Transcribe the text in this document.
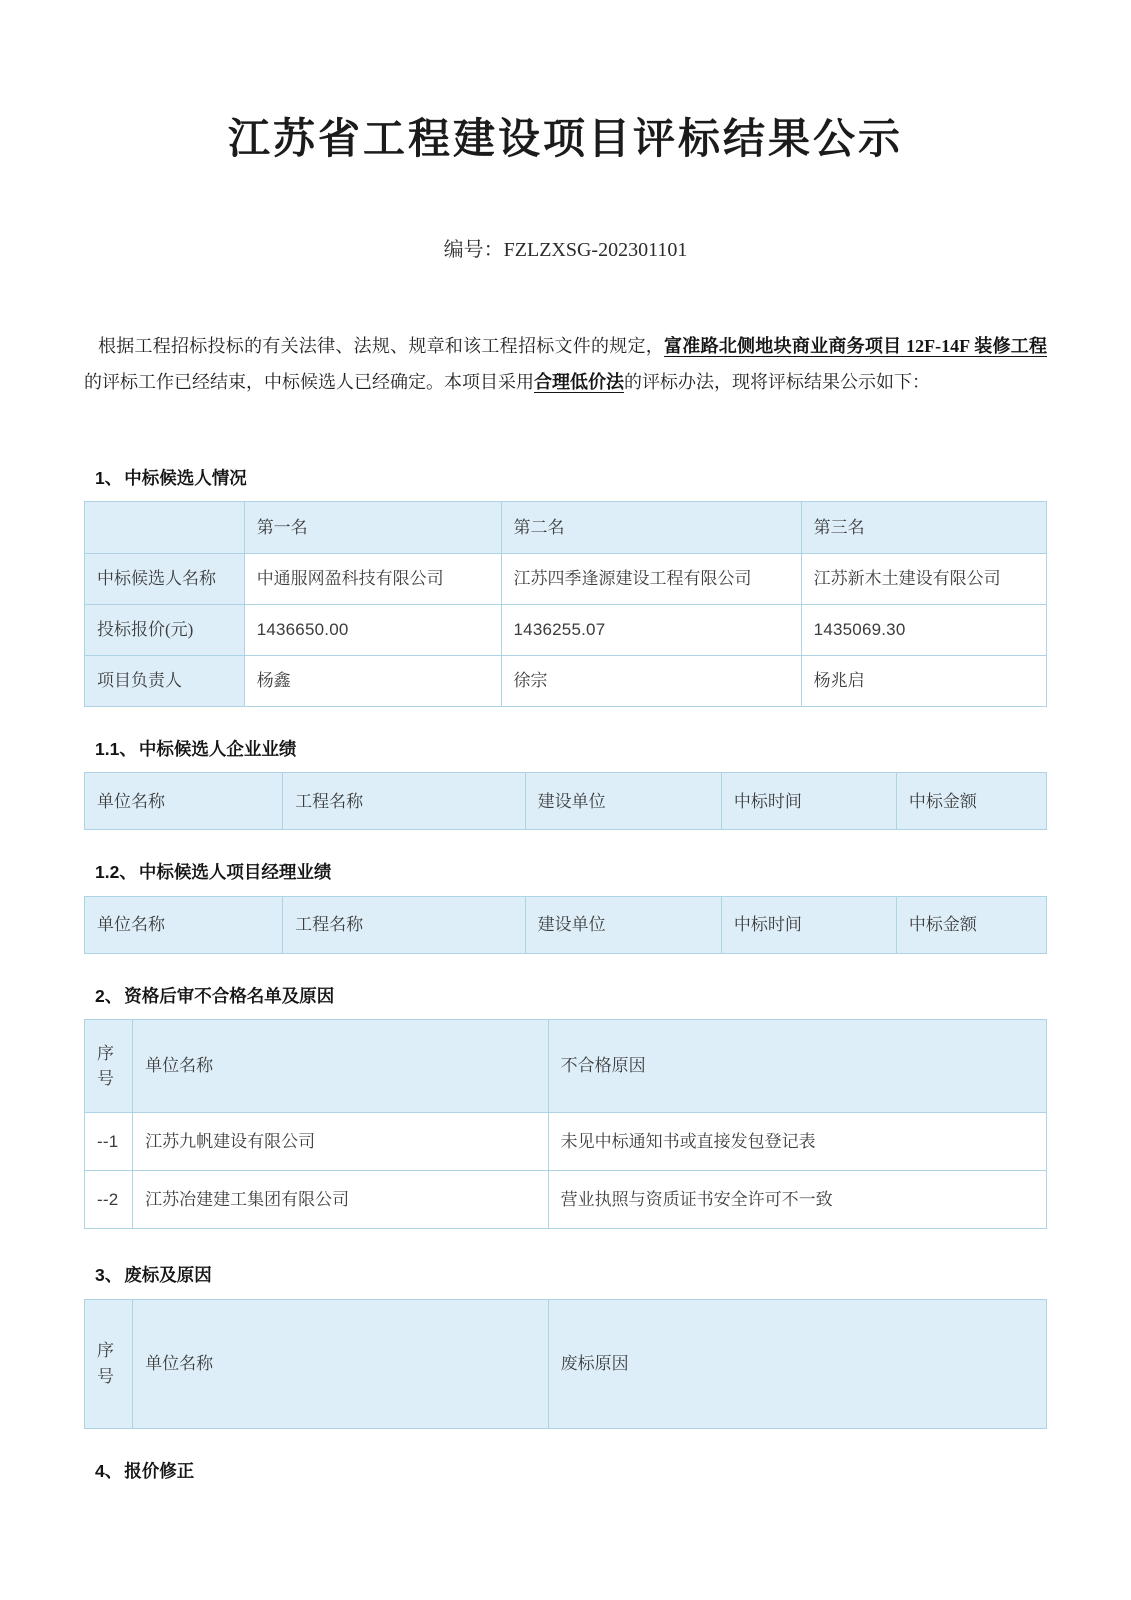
江苏省工程建设项目评标结果公示
编号：FZLZXSG-202301101

根据工程招标投标的有关法律、法规、规章和该工程招标文件的规定，富准路北侧地块商业商务项目 12F-14F 装修工程的评标工作已经结束，中标候选人已经确定。本项目采用合理低价法的评标办法，现将评标结果公示如下：

1、 中标候选人情况
	第一名	第二名	第三名
中标候选人名称	中通服网盈科技有限公司	江苏四季逢源建设工程有限公司	江苏新木土建设有限公司
投标报价(元)	1436650.00	1436255.07	1435069.30
项目负责人	杨鑫	徐宗	杨兆启
1.1、 中标候选人企业业绩
单位名称	工程名称	建设单位	中标时间	中标金额
1.2、 中标候选人项目经理业绩
单位名称	工程名称	建设单位	中标时间	中标金额
2、 资格后审不合格名单及原因
序号	单位名称	不合格原因
--1	江苏九帆建设有限公司	未见中标通知书或直接发包登记表
--2	江苏冶建建工集团有限公司	营业执照与资质证书安全许可不一致
3、 废标及原因
序号	单位名称	废标原因
4、 报价修正
